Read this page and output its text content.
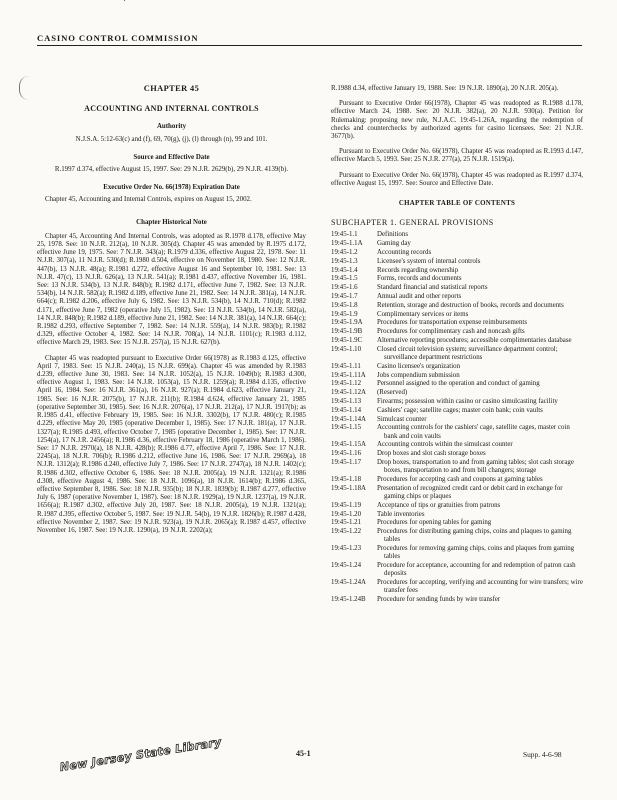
CASINO CONTROL COMMISSION
CHAPTER 45
ACCOUNTING AND INTERNAL CONTROLS
Authority
N.J.S.A. 5:12-63(c) and (f), 69, 70(g), (j), (l) through (n), 99 and 101.
Source and Effective Date
R.1997 d.374, effective August 15, 1997. See: 29 N.J.R. 2629(b), 29 N.J.R. 4139(b).
Executive Order No. 66(1978) Expiration Date

Chapter 45, Accounting and Internal Controls, expires on August 15, 2002.

Chapter Historical Note

Chapter 45, Accounting And Internal Controls, was adopted as R.1978 d.178, effective May 25, 1978. See: 10 N.J.R. 212(a), 10 N.J.R. 305(d). Chapter 45 was amended by R.1975 d.172, effective June 19, 1975. See: 7 N.J.R. 343(a); R.1979 d.336, effective August 22, 1978. See: 11 N.J.R. 307(a), 11 N.J.R. 530(d); R.1980 d.504, effective on November 18, 1980. See: 12 N.J.R. 447(b), 13 N.J.R. 48(a); R.1981 d.272, effective August 16 and September 10, 1981. See: 13 N.J.R. 47(c), 13 N.J.R. 626(a), 13 N.J.R. 541(a); R.1981 d.437, effective November 16, 1981. See: 13 N.J.R. 534(b), 13 N.J.R. 848(b); R.1982 d.171, effective June 7, 1982. See: 13 N.J.R. 534(b), 14 N.J.R. 582(a); R.1982 d.189, effective June 21, 1982. See: 14 N.J.R. 381(a), 14 N.J.R. 664(c); R.1982 d.206, effective July 6, 1982. See: 13 N.J.R. 534(b), 14 N.J.R. 710(d); R.1982 d.171, effective June 7, 1982 (operative July 15, 1982). See: 13 N.J.R. 534(b), 14 N.J.R. 582(a), 14 N.J.R. 848(b); R.1982 d.189, effective June 21, 1982. See: 14 N.J.R. 381(a), 14 N.J.R. 664(c); R.1982 d.293, effective September 7, 1982. See: 14 N.J.R. 559(a), 14 N.J.R. 983(b); R.1982 d.329, effective October 4, 1982. See: 14 N.J.R. 708(a), 14 N.J.R. 1101(c); R.1983 d.112, effective March 29, 1983. See: 15 N.J.R. 257(a), 15 N.J.R. 627(b).

Chapter 45 was readopted pursuant to Executive Order 66(1978) as R.1983 d.125, effective April 7, 1983. See: 15 N.J.R. 240(a), 15 N.J.R. 699(a). Chapter 45 was amended by R.1983 d.239, effective June 30, 1983. See: 14 N.J.R. 1052(a), 15 N.J.R. 1049(b); R.1983 d.300, effective August 1, 1983. See: 14 N.J.R. 1053(a), 15 N.J.R. 1259(a); R.1984 d.135, effective April 16, 1984. See: 16 N.J.R. 361(a), 16 N.J.R. 927(a); R.1984 d.623, effective January 21, 1985. See: 16 N.J.R. 2075(b), 17 N.J.R. 211(b); R.1984 d.624, effective January 21, 1985 (operative September 30, 1985). See: 16 N.J.R. 2076(a), 17 N.J.R. 212(a), 17 N.J.R. 1917(b); as R.1985 d.41, effective February 19, 1985. See: 16 N.J.R. 3302(b), 17 N.J.R. 480(c); R.1985 d.229, effective May 20, 1985 (operative December 1, 1985). See: 17 N.J.R. 181(a), 17 N.J.R. 1327(a); R.1985 d.493, effective October 7, 1985 (operative December 1, 1985). See: 17 N.J.R. 1254(a), 17 N.J.R. 2456(a); R.1986 d.36, effective February 18, 1986 (operative March 1, 1986). See: 17 N.J.R. 2970(a), 18 N.J.R. 428(b); R.1986 d.77, effective April 7, 1986. See: 17 N.J.R. 2245(a), 18 N.J.R. 706(b); R.1986 d.212, effective June 16, 1986. See: 17 N.J.R. 2969(a), 18 N.J.R. 1312(a); R.1986 d.240, effective July 7, 1986. See: 17 N.J.R. 2747(a), 18 N.J.R. 1402(c); R.1986 d.302, effective October 6, 1986. See: 18 N.J.R. 2005(a), 19 N.J.R. 1321(a); R.1986 d.308, effective August 4, 1986. See: 18 N.J.R. 1096(a), 18 N.J.R. 1614(b); R.1986 d.365, effective September 8, 1986. See: 18 N.J.R. 935(b); 18 N.J.R. 1839(b); R.1987 d.277, effective July 6, 1987 (operative November 1, 1987). See: 18 N.J.R. 1929(a), 19 N.J.R. 1237(a), 19 N.J.R. 1656(a); R.1987 d.302, effective July 20, 1987. See: 18 N.J.R. 2005(a), 19 N.J.R. 1321(a); R.1987 d.395, effective October 5, 1987. See: 19 N.J.R. 54(b), 19 N.J.R. 1826(b); R.1987 d.428, effective November 2, 1987. See: 19 N.J.R. 923(a), 19 N.J.R. 2065(a); R.1987 d.457, effective November 16, 1987. See: 19 N.J.R. 1290(a), 19 N.J.R. 2202(a);

R.1988 d.34, effective January 19, 1988. See: 19 N.J.R. 1890(a), 20 N.J.R. 205(a).

Pursuant to Executive Order 66(1978), Chapter 45 was readopted as R.1988 d.178, effective March 24, 1988. See: 20 N.J.R. 382(a), 20 N.J.R. 930(a). Petition for Rulemaking: proposing new rule, N.J.A.C. 19:45-1.26A, regarding the redemption of checks and counterchecks by authorized agents for casino licensees. See: 21 N.J.R. 3677(b).

Pursuant to Executive Order No. 66(1978), Chapter 45 was readopted as R.1993 d.147, effective March 5, 1993. See: 25 N.J.R. 277(a), 25 N.J.R. 1519(a).

Pursuant to Executive Order No. 66(1978), Chapter 45 was readopted as R.1997 d.374, effective August 15, 1997. See: Source and Effective Date.

CHAPTER TABLE OF CONTENTS
SUBCHAPTER 1. GENERAL PROVISIONS
19:45-1.1	Definitions
19:45-1.1A	Gaming day
19:45-1.2	Accounting records
19:45-1.3	Licensee's system of internal controls
19:45-1.4	Records regarding ownership
19:45-1.5	Forms, records and documents
19:45-1.6	Standard financial and statistical reports
19:45-1.7	Annual audit and other reports
19:45-1.8	Retention, storage and destruction of books, records and documents
19:45-1.9	Complimentary services or items
19:45-1.9A	Procedures for transportation expense reimbursements
19:45-1.9B	Procedures for complimentary cash and noncash gifts
19:45-1.9C	Alternative reporting procedures; accessible complimentaries database
19:45-1.10	Closed circuit television system; surveillance department control; surveillance department restrictions
19:45-1.11	Casino licensee's organization
19:45-1.11A	Jobs compendium submission
19:45-1.12	Personnel assigned to the operation and conduct of gaming
19:45-1.12A	(Reserved)
19:45-1.13	Firearms; possession within casino or casino simulcasting facility
19:45-1.14	Cashiers' cage; satellite cages; master coin bank; coin vaults
19:45-1.14A	Simulcast counter
19:45-1.15	Accounting controls for the cashiers' cage, satellite cages, master coin bank and coin vaults
19:45-1.15A	Accounting controls within the simulcast counter
19:45-1.16	Drop boxes and slot cash storage boxes
19:45-1.17	Drop boxes, transportation to and from gaming tables; slot cash storage boxes, transportation to and from bill changers; storage
19:45-1.18	Procedures for accepting cash and coupons at gaming tables
19:45-1.18A	Presentation of recognized credit card or debit card in exchange for gaming chips or plaques
19:45-1.19	Acceptance of tips or gratuities from patrons
19:45-1.20	Table inventories
19:45-1.21	Procedures for opening tables for gaming
19:45-1.22	Procedures for distributing gaming chips, coins and plaques to gaming tables
19:45-1.23	Procedures for removing gaming chips, coins and plaques from gaming tables
19:45-1.24	Procedure for acceptance, accounting for and redemption of patron cash deposits
19:45-1.24A	Procedures for accepting, verifying and accounting for wire transfers; wire transfer fees
19:45-1.24B	Procedure for sending funds by wire transfer
45-1	Supp. 4-6-98
New Jersey State Library
